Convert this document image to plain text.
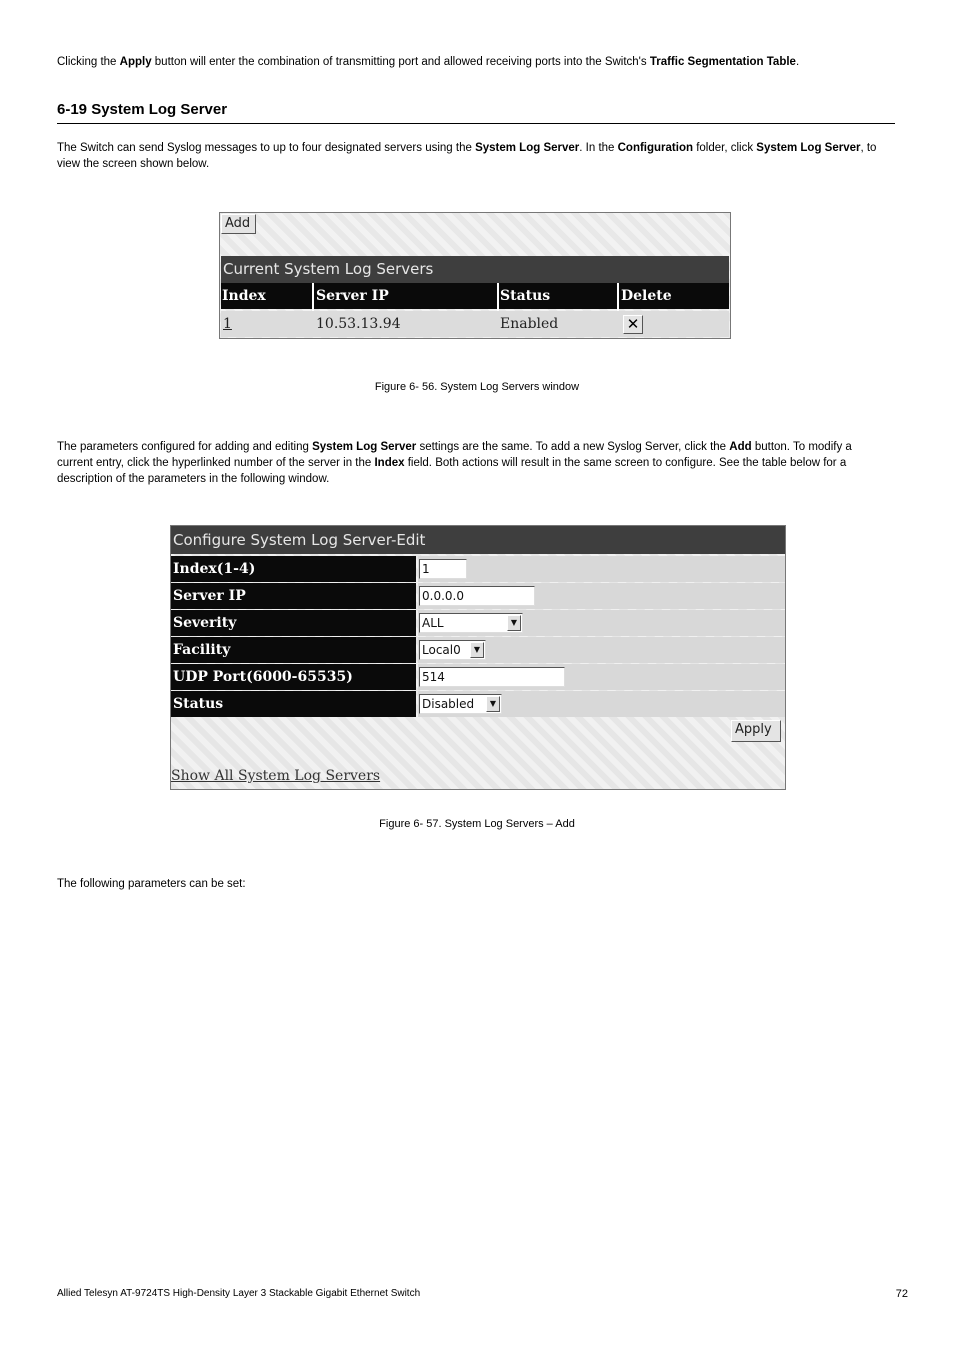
Clicking the Apply button will enter the combination of transmitting port and allowed receiving ports into the Switch's Traffic Segmentation Table.

6-19 System Log Server

The Switch can send Syslog messages to up to four designated servers using the System Log Server. In the Configuration folder, click System Log Server, to view the screen shown below.

Add
Current System Log Servers
Index	Server IP	Status	Delete
1	10.53.13.94	Enabled	✕
Figure 6- 56. System Log Servers window

The parameters configured for adding and editing System Log Server settings are the same. To add a new Syslog Server, click the Add button. To modify a current entry, click the hyperlinked number of the server in the Index field. Both actions will result in the same screen to configure. See the table below for a description of the parameters in the following window.

Configure System Log Server-Edit
Index(1-4)	1
Server IP	0.0.0.0
Severity	ALL	▼
Facility	Local0	▼
UDP Port(6000-65535)	514
Status	Disabled	▼
Apply
Show All System Log Servers
Figure 6- 57. System Log Servers – Add

The following parameters can be set:

Allied Telesyn AT-9724TS High-Density Layer 3 Stackable Gigabit Ethernet Switch	72
